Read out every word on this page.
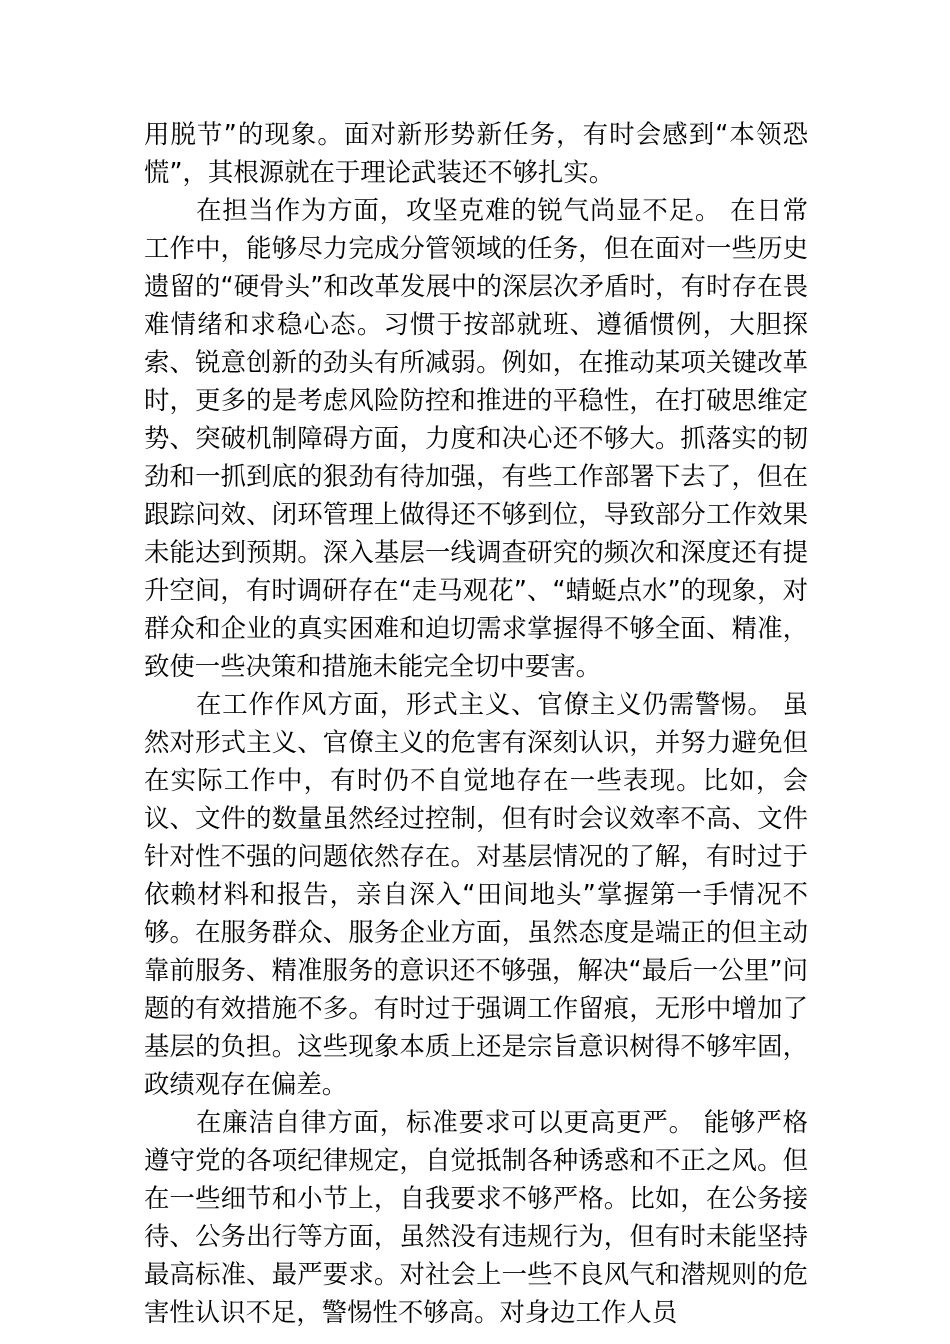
用脱节”的现象。面对新形势新任务，有时会感到“本领恐慌”，其根源就在于理论武装还不够扎实。

在担当作为方面，攻坚克难的锐气尚显不足。 在日常工作中，能够尽力完成分管领域的任务，但在面对一些历史遗留的“硬骨头”和改革发展中的深层次矛盾时，有时存在畏难情绪和求稳心态。习惯于按部就班、遵循惯例，大胆探索、锐意创新的劲头有所减弱。例如，在推动某项关键改革时，更多的是考虑风险防控和推进的平稳性，在打破思维定势、突破机制障碍方面，力度和决心还不够大。抓落实的韧劲和一抓到底的狠劲有待加强，有些工作部署下去了，但在跟踪问效、闭环管理上做得还不够到位，导致部分工作效果未能达到预期。深入基层一线调查研究的频次和深度还有提升空间，有时调研存在“走马观花”、“蜻蜓点水”的现象，对群众和企业的真实困难和迫切需求掌握得不够全面、精准，致使一些决策和措施未能完全切中要害。

在工作作风方面，形式主义、官僚主义仍需警惕。 虽然对形式主义、官僚主义的危害有深刻认识，并努力避免但在实际工作中，有时仍不自觉地存在一些表现。比如，会议、文件的数量虽然经过控制，但有时会议效率不高、文件针对性不强的问题依然存在。对基层情况的了解，有时过于依赖材料和报告，亲自深入“田间地头”掌握第一手情况不够。在服务群众、服务企业方面，虽然态度是端正的但主动靠前服务、精准服务的意识还不够强，解决“最后一公里”问题的有效措施不多。有时过于强调工作留痕，无形中增加了基层的负担。这些现象本质上还是宗旨意识树得不够牢固，政绩观存在偏差。

在廉洁自律方面，标准要求可以更高更严。 能够严格遵守党的各项纪律规定，自觉抵制各种诱惑和不正之风。但在一些细节和小节上，自我要求不够严格。比如，在公务接待、公务出行等方面，虽然没有违规行为，但有时未能坚持最高标准、最严要求。对社会上一些不良风气和潜规则的危害性认识不足，警惕性不够高。对身边工作人员
